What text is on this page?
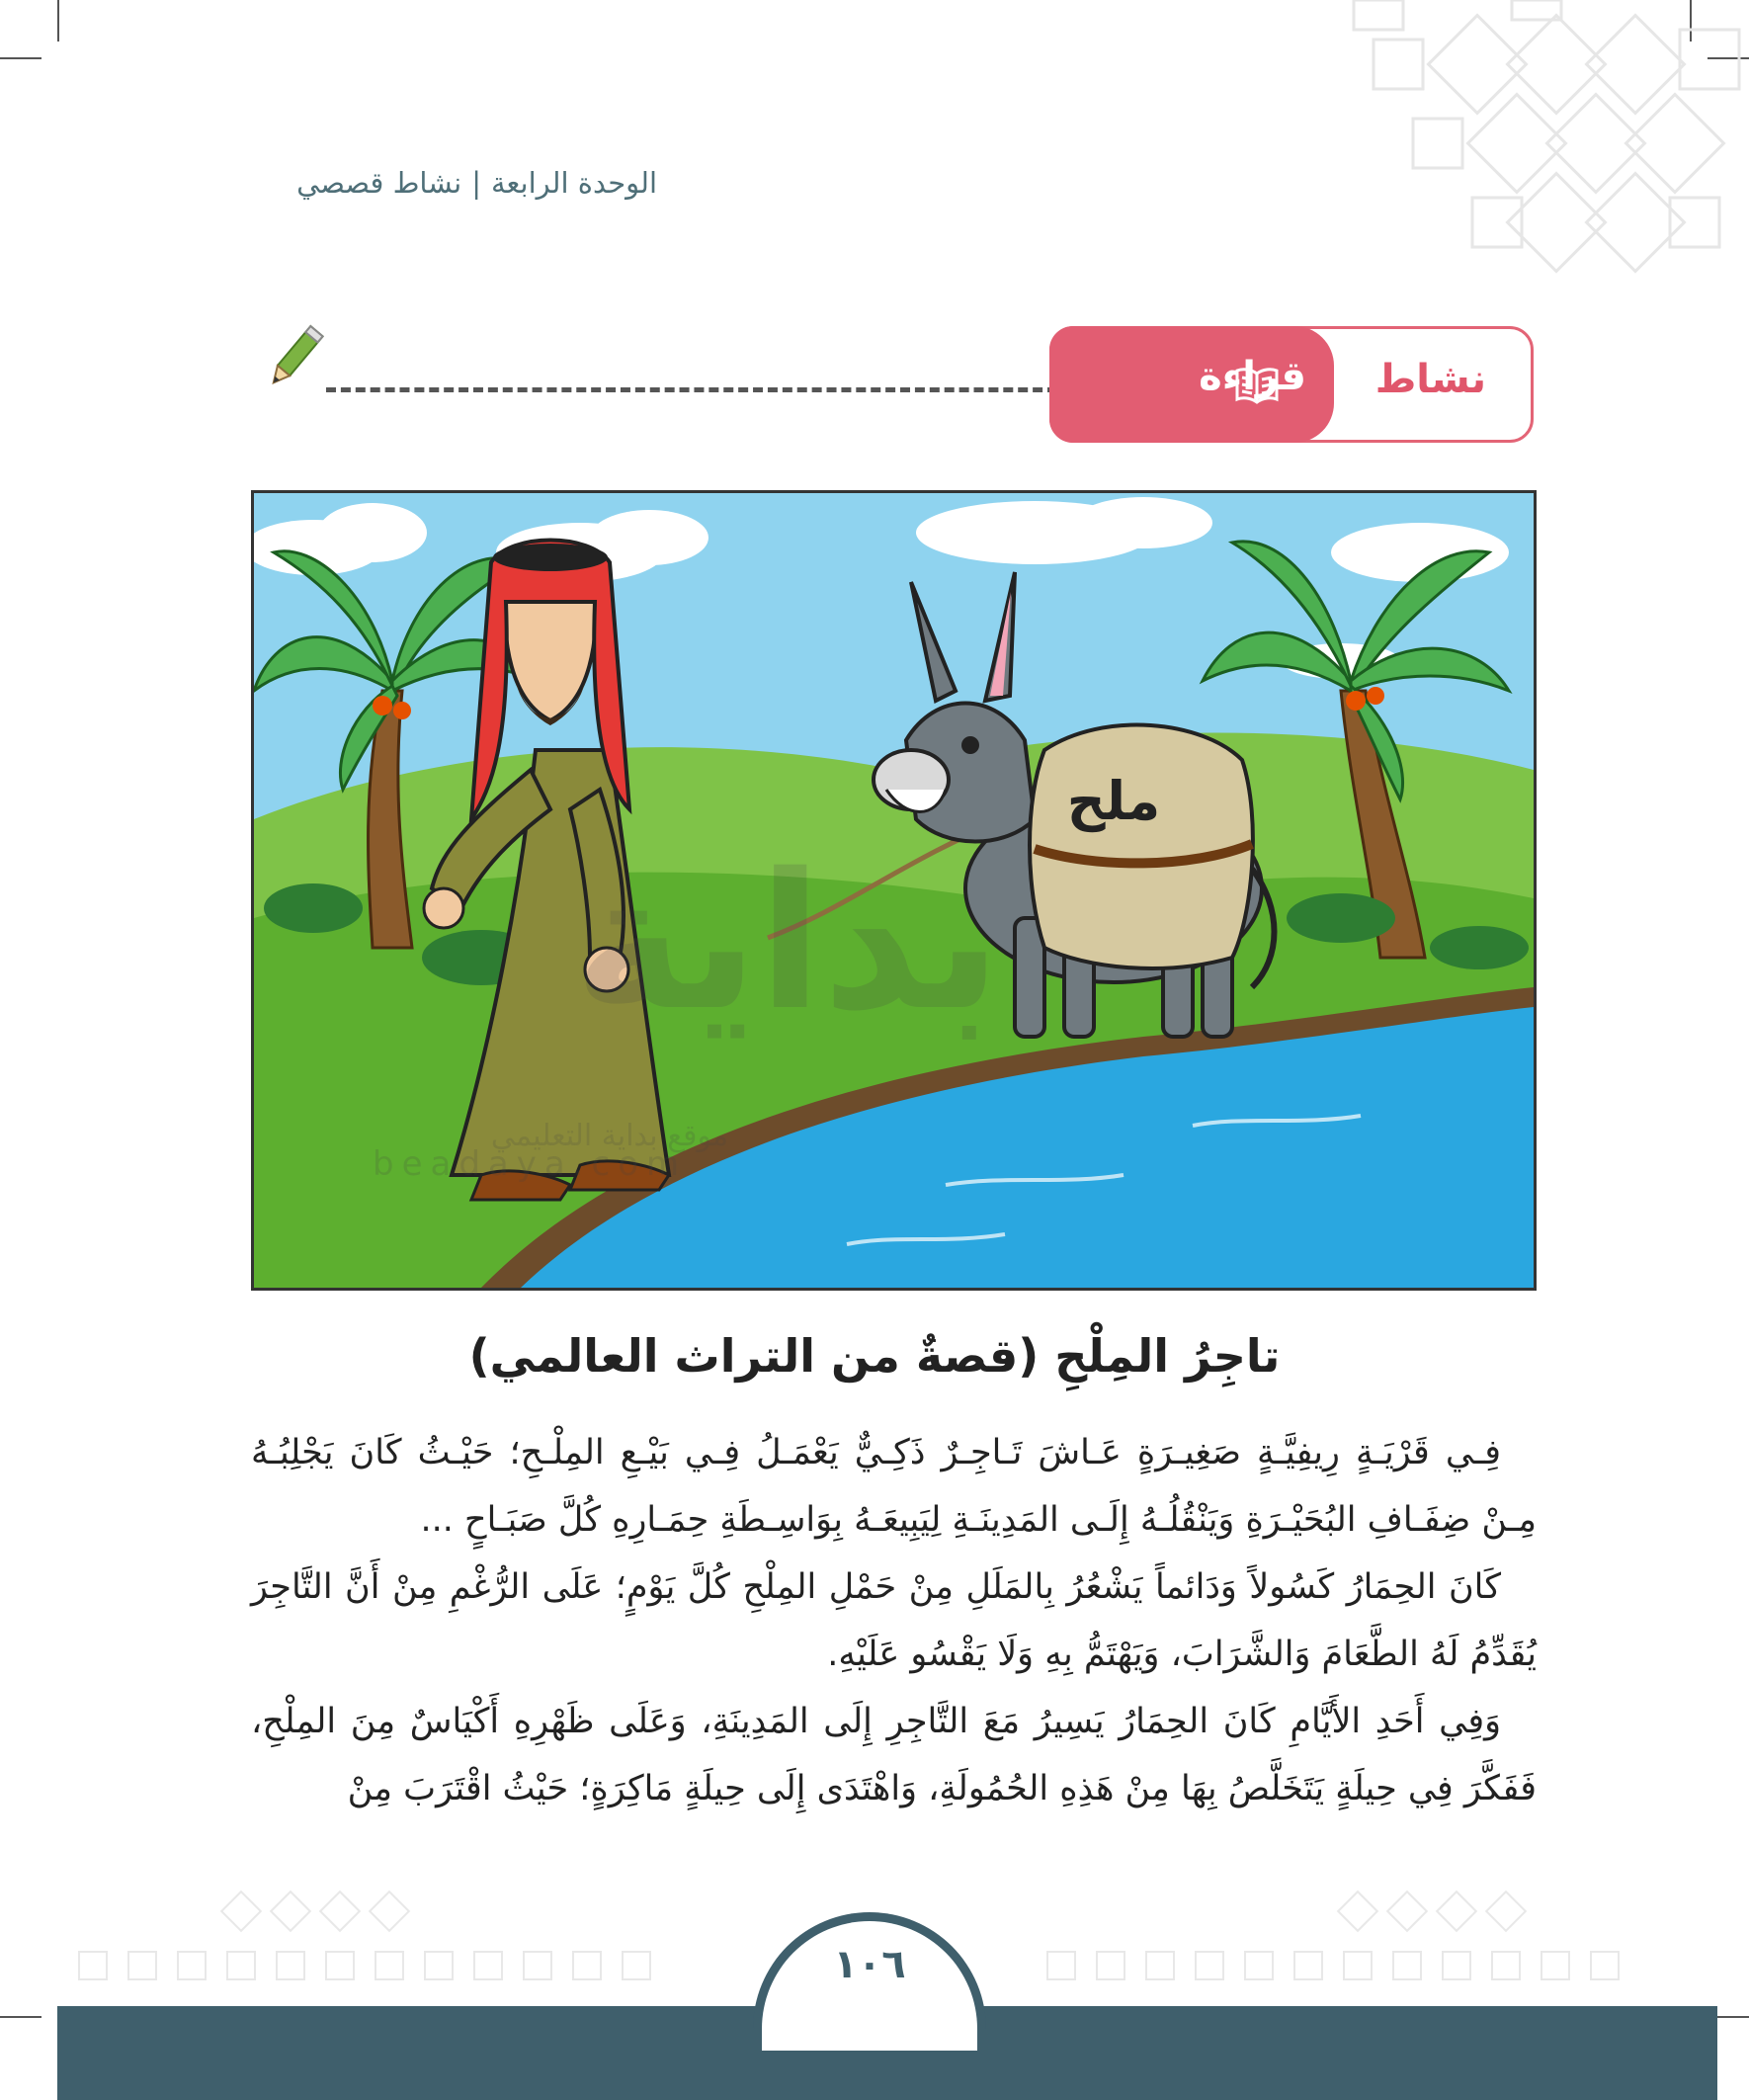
الوحدة الرابعة|نشاط قصصي
نشاط
قراءة
ملح
بداية
موقع بداية التعليمي
beadaya.com
تاجِرُ المِلْحِ (قصةٌ من التراث العالمي)

فِـي قَرْيَـةٍ رِيفِيَّـةٍ صَغِيـرَةٍ عَـاشَ تَـاجِـرٌ ذَكِـيٌّ يَعْمَـلُ فِـي بَيْـعِ المِلْـحِ؛ حَيْـثُ كَانَ يَجْلِبُـهُ مِـنْ ضِفَـافِ البُحَيْـرَةِ وَيَنْقُلُـهُ إِلَـى المَدِينَـةِ لِيَبِيعَـهُ بِوَاسِـطَةِ حِمَـارِهِ كُلَّ صَبَـاحٍ ...

كَانَ الحِمَارُ كَسُولاً وَدَائماً يَشْعُرُ بِالمَلَلِ مِنْ حَمْلِ المِلْحِ كُلَّ يَوْمٍ؛ عَلَى الرُّغْمِ مِنْ أَنَّ التَّاجِرَ يُقَدِّمُ لَهُ الطَّعَامَ وَالشَّرَابَ، وَيَهْتَمُّ بِهِ وَلَا يَقْسُو عَلَيْهِ.

وَفِي أَحَدِ الأَيَّامِ كَانَ الحِمَارُ يَسِيرُ مَعَ التَّاجِرِ إِلَى المَدِينَةِ، وَعَلَى ظَهْرِهِ أَكْيَاسٌ مِنَ المِلْحِ، فَفَكَّرَ فِي حِيلَةٍ يَتَخَلَّصُ بِهَا مِنْ هَذِهِ الحُمُولَةِ، وَاهْتَدَى إِلَى حِيلَةٍ مَاكِرَةٍ؛ حَيْثُ اقْتَرَبَ مِنْ

١٠٦
